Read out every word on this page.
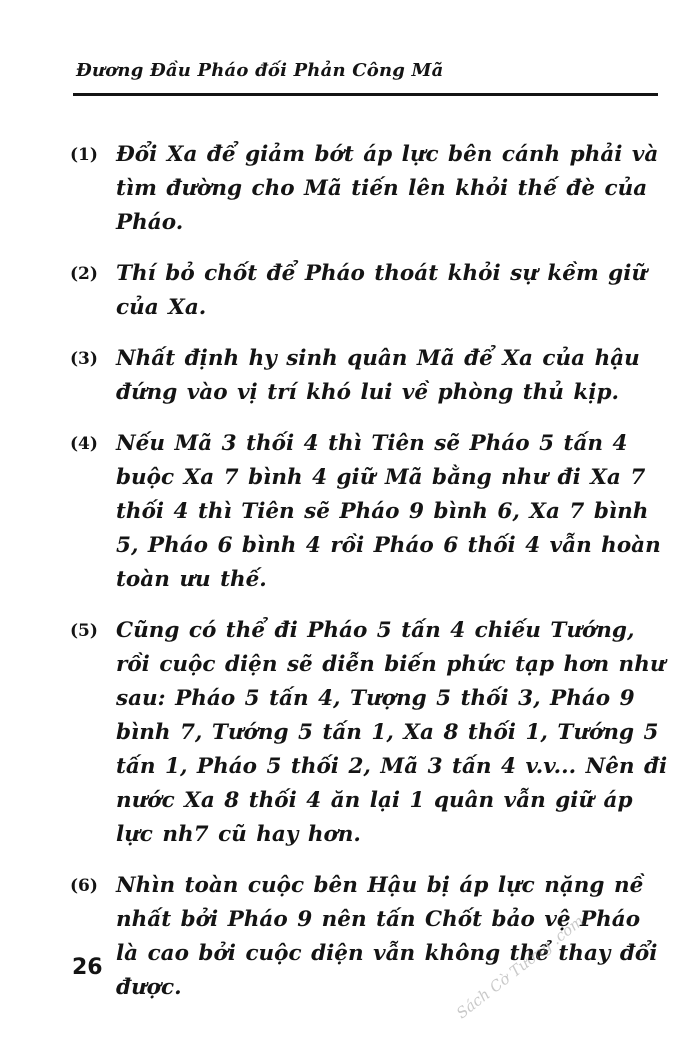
Đương Đầu Pháo đối Phản Công Mã
(1) Đổi Xa để giảm bớt áp lực bên cánh phải và tìm đường cho Mã tiến lên khỏi thế đè của Pháo.
(2) Thí bỏ chốt để Pháo thoát khỏi sự kềm giữ của Xa.
(3) Nhất định hy sinh quân Mã để Xa của hậu đứng vào vị trí khó lui về phòng thủ kịp.
(4) Nếu Mã 3 thối 4 thì Tiên sẽ Pháo 5 tấn 4 buộc Xa 7 bình 4 giữ Mã bằng như đi Xa 7 thối 4 thì Tiên sẽ Pháo 9 bình 6, Xa 7 bình 5, Pháo 6 bình 4 rồi Pháo 6 thối 4 vẫn hoàn toàn ưu thế.
(5) Cũng có thể đi Pháo 5 tấn 4 chiếu Tướng, rồi cuộc diện sẽ diễn biến phức tạp hơn như sau: Pháo 5 tấn 4, Tượng 5 thối 3, Pháo 9 bình 7, Tướng 5 tấn 1, Xa 8 thối 1, Tướng 5 tấn 1, Pháo 5 thối 2, Mã 3 tấn 4 v.v... Nên đi nước Xa 8 thối 4 ăn lại 1 quân vẫn giữ áp lực nh7 cũ hay hơn.
(6) Nhìn toàn cuộc bên Hậu bị áp lực nặng nề nhất bởi Pháo 9 nên tấn Chốt bảo vệ Pháo là cao bởi cuộc diện vẫn không thể thay đổi được.
26	Sách Cờ Tướng .com
